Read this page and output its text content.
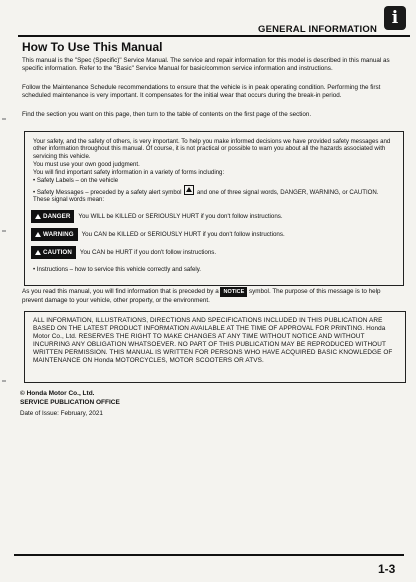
GENERAL INFORMATION
i
How To Use This Manual
This manual is the "Spec (Specific)" Service Manual. The service and repair information for this model is described in this manual as specific information. Refer to the "Basic" Service Manual for basic/common service information and instructions.
Follow the Maintenance Schedule recommendations to ensure that the vehicle is in peak operating condition. Performing the first scheduled maintenance is very important. It compensates for the initial wear that occurs during the break-in period.
Find the section you want on this page, then turn to the table of contents on the first page of the section.
Your safety, and the safety of others, is very important. To help you make informed decisions we have provided safety messages and other information throughout this manual. Of course, it is not practical or possible to warn you about all the hazards associated with servicing this vehicle.
You must use your own good judgment.
You will find important safety information in a variety of forms including:
• Safety Labels – on the vehicle
• Safety Messages – preceded by a safety alert symbol	and one of three signal words, DANGER, WARNING, or CAUTION. These signal words mean:
DANGER You WILL be KILLED or SERIOUSLY HURT if you don't follow instructions.
WARNING You CAN be KILLED or SERIOUSLY HURT if you don't follow instructions.
CAUTION You CAN be HURT if you don't follow instructions.
• Instructions – how to service this vehicle correctly and safely.
As you read this manual, you will find information that is preceded by a NOTICE symbol. The purpose of this message is to help prevent damage to your vehicle, other property, or the environment.
ALL INFORMATION, ILLUSTRATIONS, DIRECTIONS AND SPECIFICATIONS INCLUDED IN THIS PUBLICATION ARE BASED ON THE LATEST PRODUCT INFORMATION AVAILABLE AT THE TIME OF APPROVAL FOR PRINTING. Honda Motor Co., Ltd. RESERVES THE RIGHT TO MAKE CHANGES AT ANY TIME WITHOUT NOTICE AND WITHOUT INCURRING ANY OBLIGATION WHATSOEVER. NO PART OF THIS PUBLICATION MAY BE REPRODUCED WITHOUT WRITTEN PERMISSION. THIS MANUAL IS WRITTEN FOR PERSONS WHO HAVE ACQUIRED BASIC KNOWLEDGE OF MAINTENANCE ON Honda MOTORCYCLES, MOTOR SCOOTERS OR ATVS.
© Honda Motor Co., Ltd.
SERVICE PUBLICATION OFFICE
Date of Issue: February, 2021
1-3
